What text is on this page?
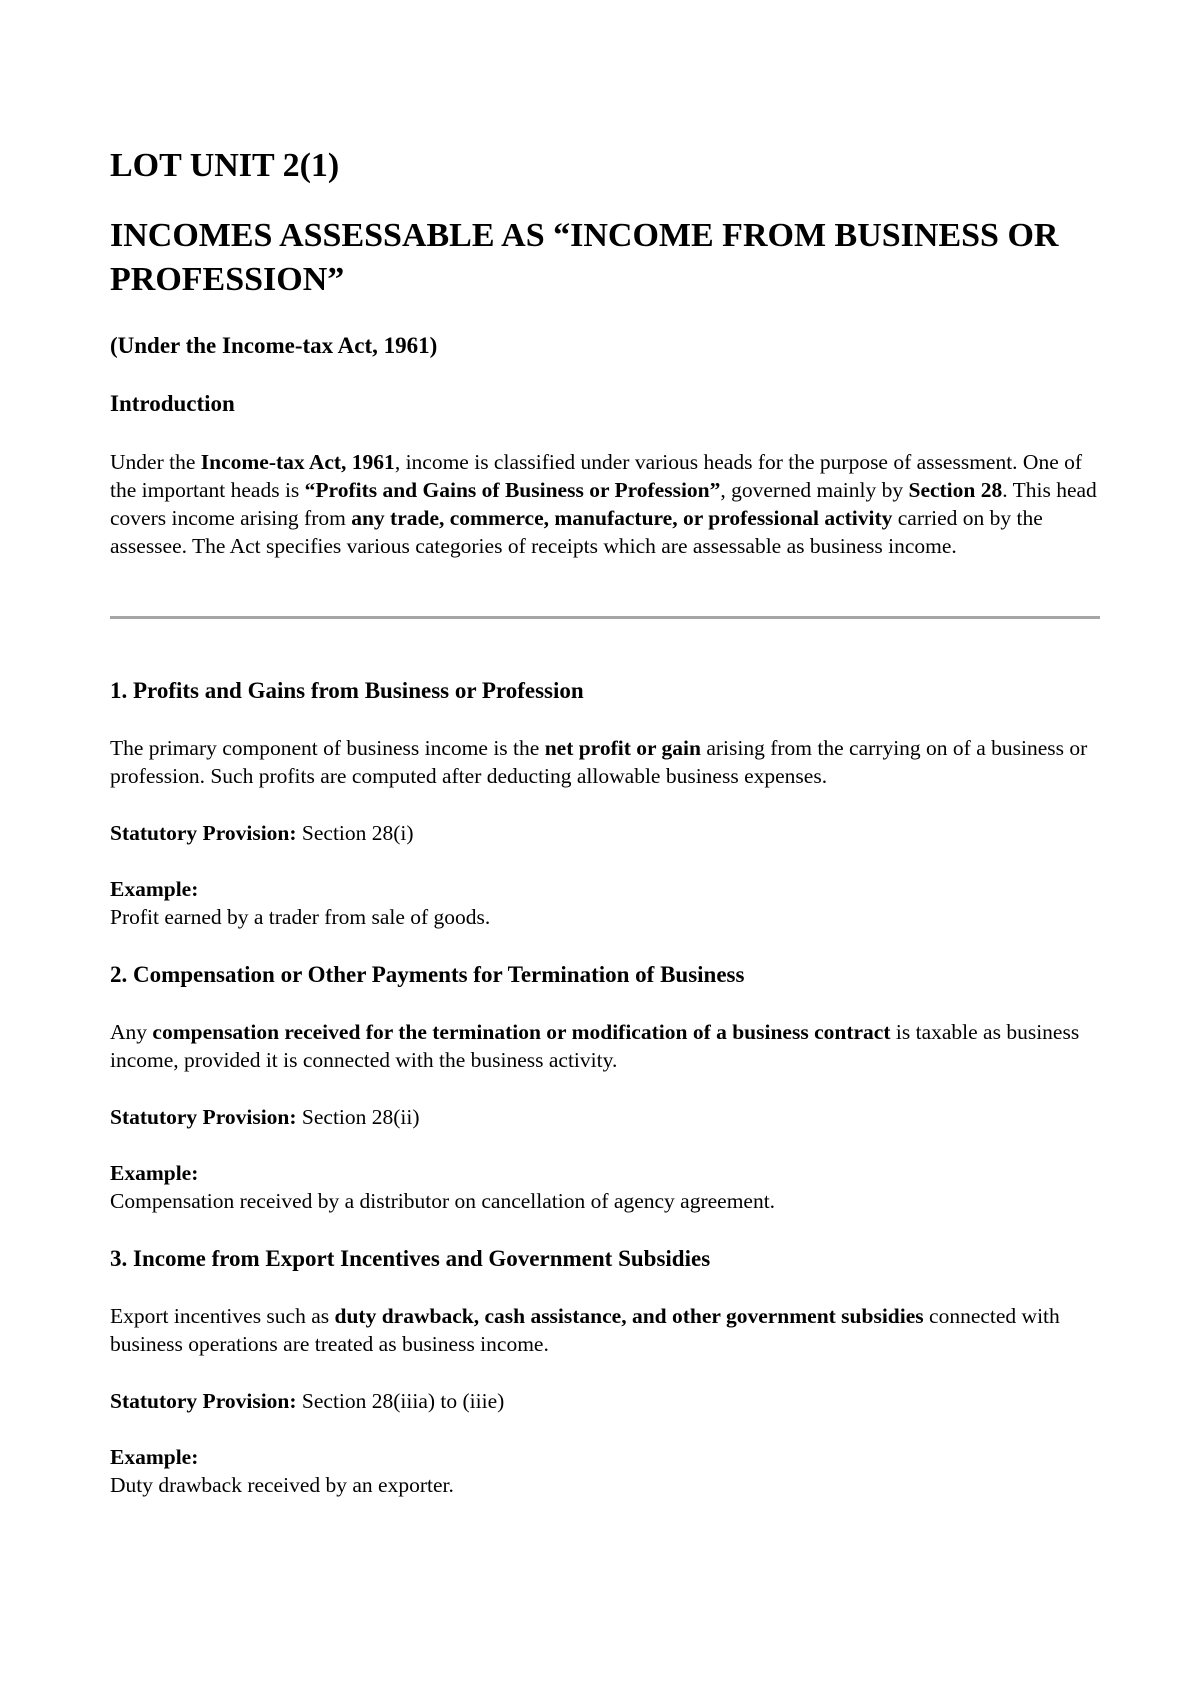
LOT UNIT 2(1)
INCOMES ASSESSABLE AS “INCOME FROM BUSINESS OR PROFESSION”

(Under the Income-tax Act, 1961)

Introduction

Under the Income-tax Act, 1961, income is classified under various heads for the purpose of assessment. One of the important heads is “Profits and Gains of Business or Profession”, governed mainly by Section 28. This head covers income arising from any trade, commerce, manufacture, or professional activity carried on by the assessee. The Act specifies various categories of receipts which are assessable as business income.

1. Profits and Gains from Business or Profession

The primary component of business income is the net profit or gain arising from the carrying on of a business or profession. Such profits are computed after deducting allowable business expenses.

Statutory Provision: Section 28(i)

Example:

Profit earned by a trader from sale of goods.

2. Compensation or Other Payments for Termination of Business

Any compensation received for the termination or modification of a business contract is taxable as business income, provided it is connected with the business activity.

Statutory Provision: Section 28(ii)

Example:

Compensation received by a distributor on cancellation of agency agreement.

3. Income from Export Incentives and Government Subsidies

Export incentives such as duty drawback, cash assistance, and other government subsidies connected with business operations are treated as business income.

Statutory Provision: Section 28(iiia) to (iiie)

Example:

Duty drawback received by an exporter.
